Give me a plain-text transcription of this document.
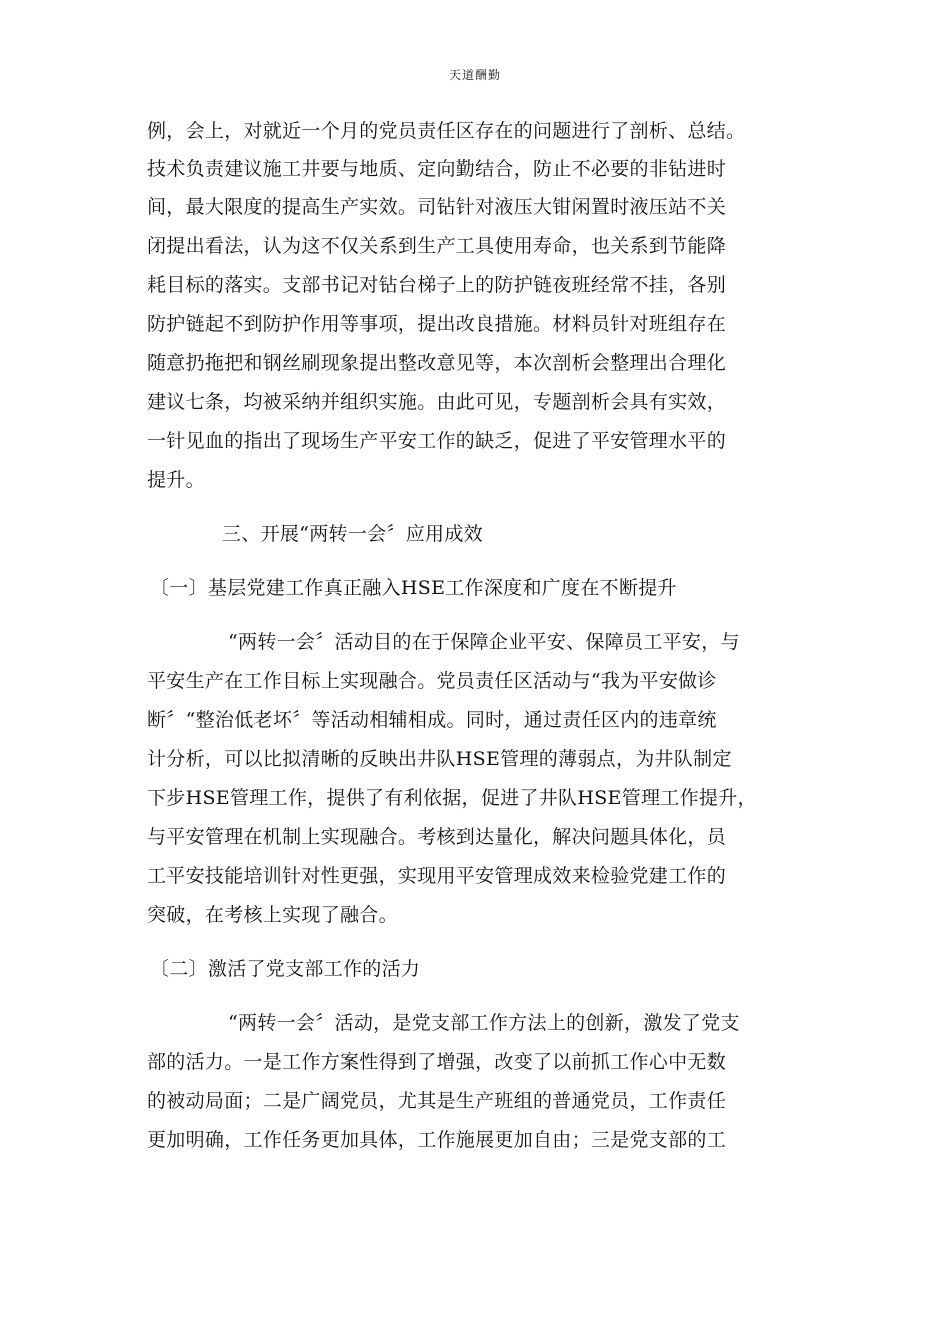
天道酬勤
例，会上，对就近一个月的党员责任区存在的问题进行了剖析、总结。
技术负责建议施工井要与地质、定向勤结合，防止不必要的非钻进时
间，最大限度的提高生产实效。司钻针对液压大钳闲置时液压站不关
闭提出看法，认为这不仅关系到生产工具使用寿命，也关系到节能降
耗目标的落实。支部书记对钻台梯子上的防护链夜班经常不挂，各别
防护链起不到防护作用等事项，提出改良措施。材料员针对班组存在
随意扔拖把和钢丝刷现象提出整改意见等，本次剖析会整理出合理化
建议七条，均被采纳并组织实施。由此可见，专题剖析会具有实效，
一针见血的指出了现场生产平安工作的缺乏，促进了平安管理水平的
提升。
三、开展“两转一会〞应用成效
〔一〕基层党建工作真正融入HSE工作深度和广度在不断提升
“两转一会〞活动目的在于保障企业平安、保障员工平安，与
平安生产在工作目标上实现融合。党员责任区活动与“我为平安做诊
断〞“整治低老坏〞等活动相辅相成。同时，通过责任区内的违章统
计分析，可以比拟清晰的反映出井队HSE管理的薄弱点，为井队制定
下步HSE管理工作，提供了有利依据，促进了井队HSE管理工作提升，
与平安管理在机制上实现融合。考核到达量化，解决问题具体化，员
工平安技能培训针对性更强，实现用平安管理成效来检验党建工作的
突破，在考核上实现了融合。
〔二〕激活了党支部工作的活力
“两转一会〞活动，是党支部工作方法上的创新，激发了党支
部的活力。一是工作方案性得到了增强，改变了以前抓工作心中无数
的被动局面；二是广阔党员，尤其是生产班组的普通党员，工作责任
更加明确，工作任务更加具体，工作施展更加自由；三是党支部的工
